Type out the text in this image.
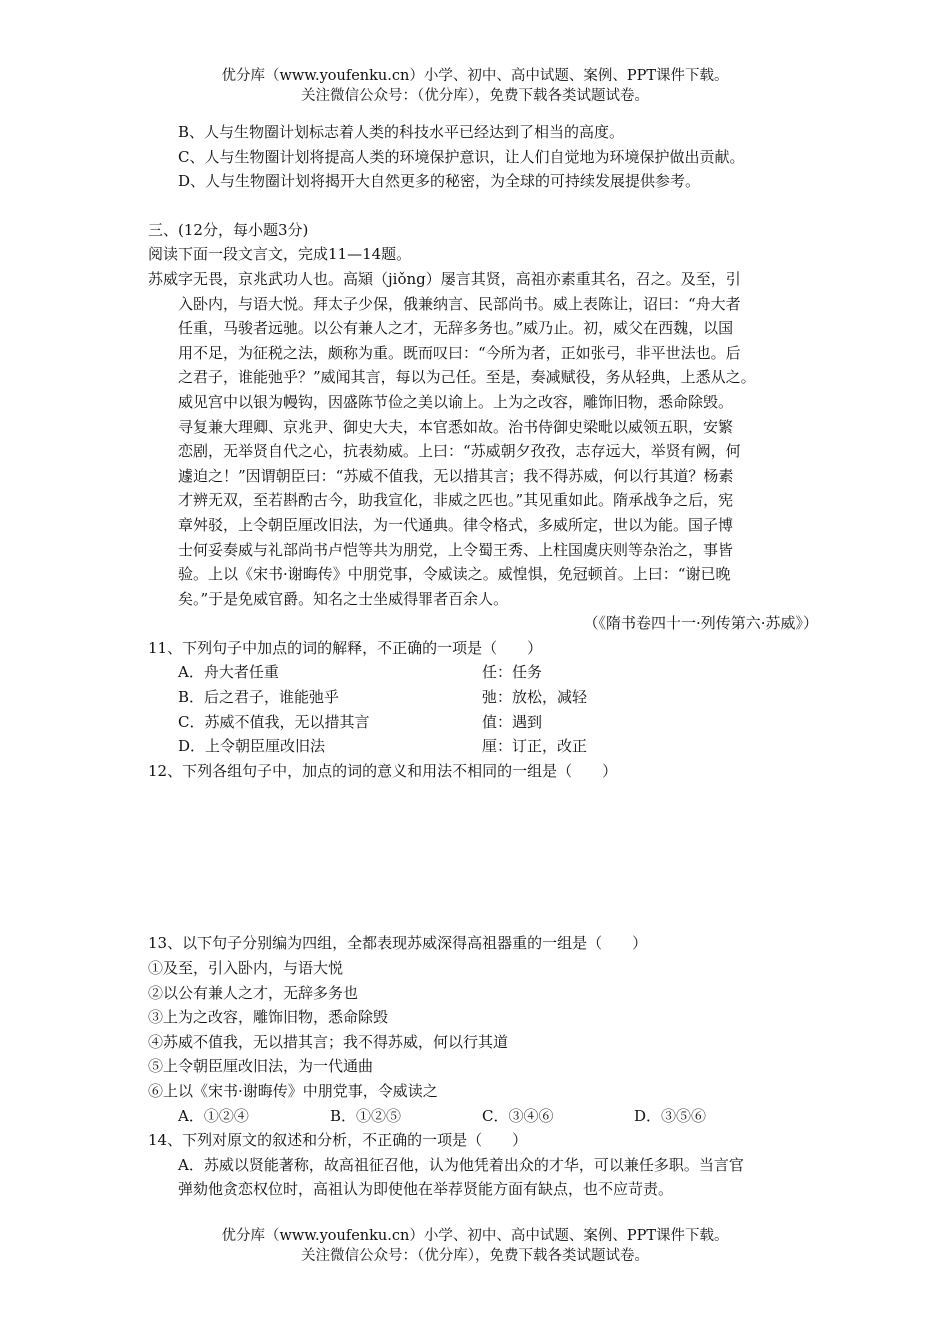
优分库（www.youfenku.cn）小学、初中、高中试题、案例、PPT课件下载。
关注微信公众号：（优分库），免费下载各类试题试卷。
B、人与生物圈计划标志着人类的科技水平已经达到了相当的高度。
C、人与生物圈计划将提高人类的环境保护意识，让人们自觉地为环境保护做出贡献。
D、人与生物圈计划将揭开大自然更多的秘密，为全球的可持续发展提供参考。
三、(12分，每小题3分)
阅读下面一段文言文，完成11—14题。
苏威字无畏，京兆武功人也。高熲（jiǒng）屡言其贤，高祖亦素重其名，召之。及至，引
入卧内，与语大悦。拜太子少保，俄兼纳言、民部尚书。威上表陈让，诏曰：“舟大者
任重，马骏者远驰。以公有兼人之才，无辞多务也。”威乃止。初，威父在西魏，以国
用不足，为征税之法，颇称为重。既而叹曰：“今所为者，正如张弓，非平世法也。后
之君子，谁能弛乎？”威闻其言，每以为己任。至是，奏减赋役，务从轻典，上悉从之。
威见宫中以银为幔钩，因盛陈节俭之美以谕上。上为之改容，雕饰旧物，悉命除毁。
寻复兼大理卿、京兆尹、御史大夫，本官悉如故。治书侍御史梁毗以威领五职，安繁
恋剧，无举贤自代之心，抗表劾威。上曰：“苏威朝夕孜孜，志存远大，举贤有阙，何
遽迫之！”因谓朝臣曰：“苏威不值我，无以措其言；我不得苏威，何以行其道？杨素
才辨无双，至若斟酌古今，助我宣化，非威之匹也。”其见重如此。隋承战争之后，宪
章舛驳，上令朝臣厘改旧法，为一代通典。律令格式，多威所定，世以为能。国子博
士何妥奏威与礼部尚书卢恺等共为朋党，上令蜀王秀、上柱国虞庆则等杂治之，事皆
验。上以《宋书·谢晦传》中朋党事，令威读之。威惶惧，免冠顿首。上曰：“谢已晚
矣。”于是免威官爵。知名之士坐威得罪者百余人。
（《隋书卷四十一·列传第六·苏威》）
11、下列句子中加点的词的解释，不正确的一项是（　　）
A．舟大者任重	任：任务
B．后之君子，谁能弛乎	弛：放松，减轻
C．苏威不值我，无以措其言	值：遇到
D．上令朝臣厘改旧法	厘：订正，改正
12、下列各组句子中，加点的词的意义和用法不相同的一组是（　　）
13、以下句子分别编为四组，全都表现苏威深得高祖器重的一组是（　　）
①及至，引入卧内，与语大悦
②以公有兼人之才，无辞多务也
③上为之改容，雕饰旧物，悉命除毁
④苏威不值我，无以措其言；我不得苏威，何以行其道
⑤上令朝臣厘改旧法，为一代通曲
⑥上以《宋书·谢晦传》中朋党事，令威读之
A．①②④	B．①②⑤	C．③④⑥	D．③⑤⑥
14、下列对原文的叙述和分析，不正确的一项是（　　）
A．苏威以贤能著称，故高祖征召他，认为他凭着出众的才华，可以兼任多职。当言官
弹劾他贪恋权位时，高祖认为即使他在举荐贤能方面有缺点，也不应苛责。
优分库（www.youfenku.cn）小学、初中、高中试题、案例、PPT课件下载。
关注微信公众号：（优分库），免费下载各类试题试卷。
